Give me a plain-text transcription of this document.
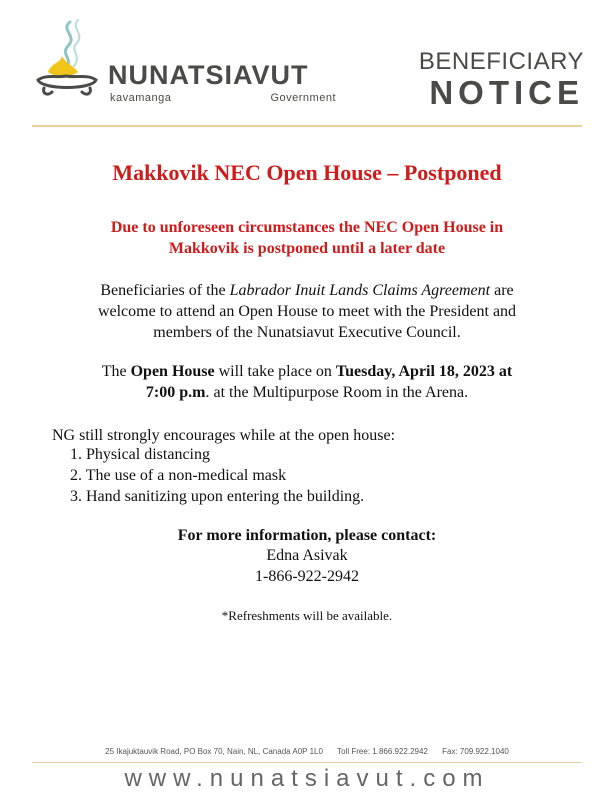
NUNATSIAVUT
kavamanga	Government
BENEFICIARY
NOTICE
Makkovik NEC Open House – Postponed
Due to unforeseen circumstances the NEC Open House in
Makkovik is postponed until a later date
Beneficiaries of the Labrador Inuit Lands Claims Agreement are
welcome to attend an Open House to meet with the President and
members of the Nunatsiavut Executive Council.
The Open House will take place on Tuesday, April 18, 2023 at
7:00 p.m. at the Multipurpose Room in the Arena.
NG still strongly encourages while at the open house:
1. Physical distancing
2. The use of a non-medical mask
3. Hand sanitizing upon entering the building.
For more information, please contact:
Edna Asivak
1-866-922-2942
*Refreshments will be available.
25 Ikajuktauvik Road, PO Box 70, Nain, NL, Canada A0P 1L0 Toll Free: 1.866.922.2942 Fax: 709.922.1040
www.nunatsiavut.com
